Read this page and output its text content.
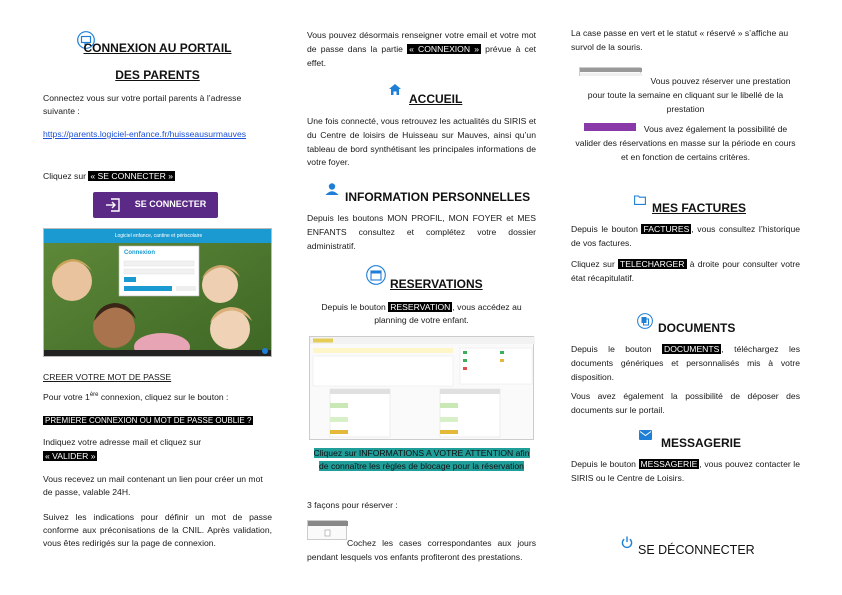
CONNEXION AU PORTAIL
DES PARENTS
Connectez vous sur votre portail parents à l’adresse suivante :
https://parents.logiciel-enfance.fr/huisseausurmauves
Cliquez sur « SE CONNECTER »
SE CONNECTER
Logiciel enfance, cantine et périscolaire
Connexion
CREER VOTRE MOT DE PASSE
Pour votre 1ère connexion, cliquez sur le bouton :
PREMIERE CONNEXION OU MOT DE PASSE OUBLIE ?
Indiquez votre adresse mail et cliquez sur
« VALIDER »
Vous recevez un mail contenant un lien pour créer un mot de passe, valable 24H.
Suivez les indications pour définir un mot de passe conforme aux préconisations de la CNIL. Après validation, vous êtes redirigés sur la page de connexion.
Vous pouvez désormais renseigner votre email et votre mot de passe dans la partie « CONNEXION » prévue à cet effet.
ACCUEIL
Une fois connecté, vous retrouvez les actualités du SIRIS et du Centre de loisirs de Huisseau sur Mauves, ainsi qu’un tableau de bord synthétisant les principales informations de votre foyer.
INFORMATION PERSONNELLES
Depuis les boutons MON PROFIL, MON FOYER et MES ENFANTS consultez et complétez votre dossier administratif.
RESERVATIONS
Depuis le bouton RESERVATION , vous accédez au planning de votre enfant.
Cliquez sur INFORMATIONS A VOTRE ATTENTION afin de connaître les règles de blocage pour la réservation
3 façons pour réserver :
Cochez les cases correspondantes aux jours pendant lesquels vos enfants profiteront des prestations.
La case passe en vert et le statut « réservé » s’affiche au survol de la souris.
Vous pouvez réserver une prestation pour toute la semaine en cliquant sur le libellé de la prestation
Vous avez également la possibilité de valider des réservations en masse sur la période en cours et en fonction de certains critères.
MES FACTURES
Depuis le bouton FACTURES , vous consultez l’historique de vos factures.
Cliquez sur TELECHARGER à droite pour consulter votre état récapitulatif.
DOCUMENTS
Depuis le bouton DOCUMENTS , téléchargez les documents génériques et personnalisés mis à votre disposition.
Vous avez également la possibilité de déposer des documents sur le portail.
MESSAGERIE
Depuis le bouton MESSAGERIE , vous pouvez contacter le SIRIS ou le Centre de Loisirs.
SE DÉCONNECTER
